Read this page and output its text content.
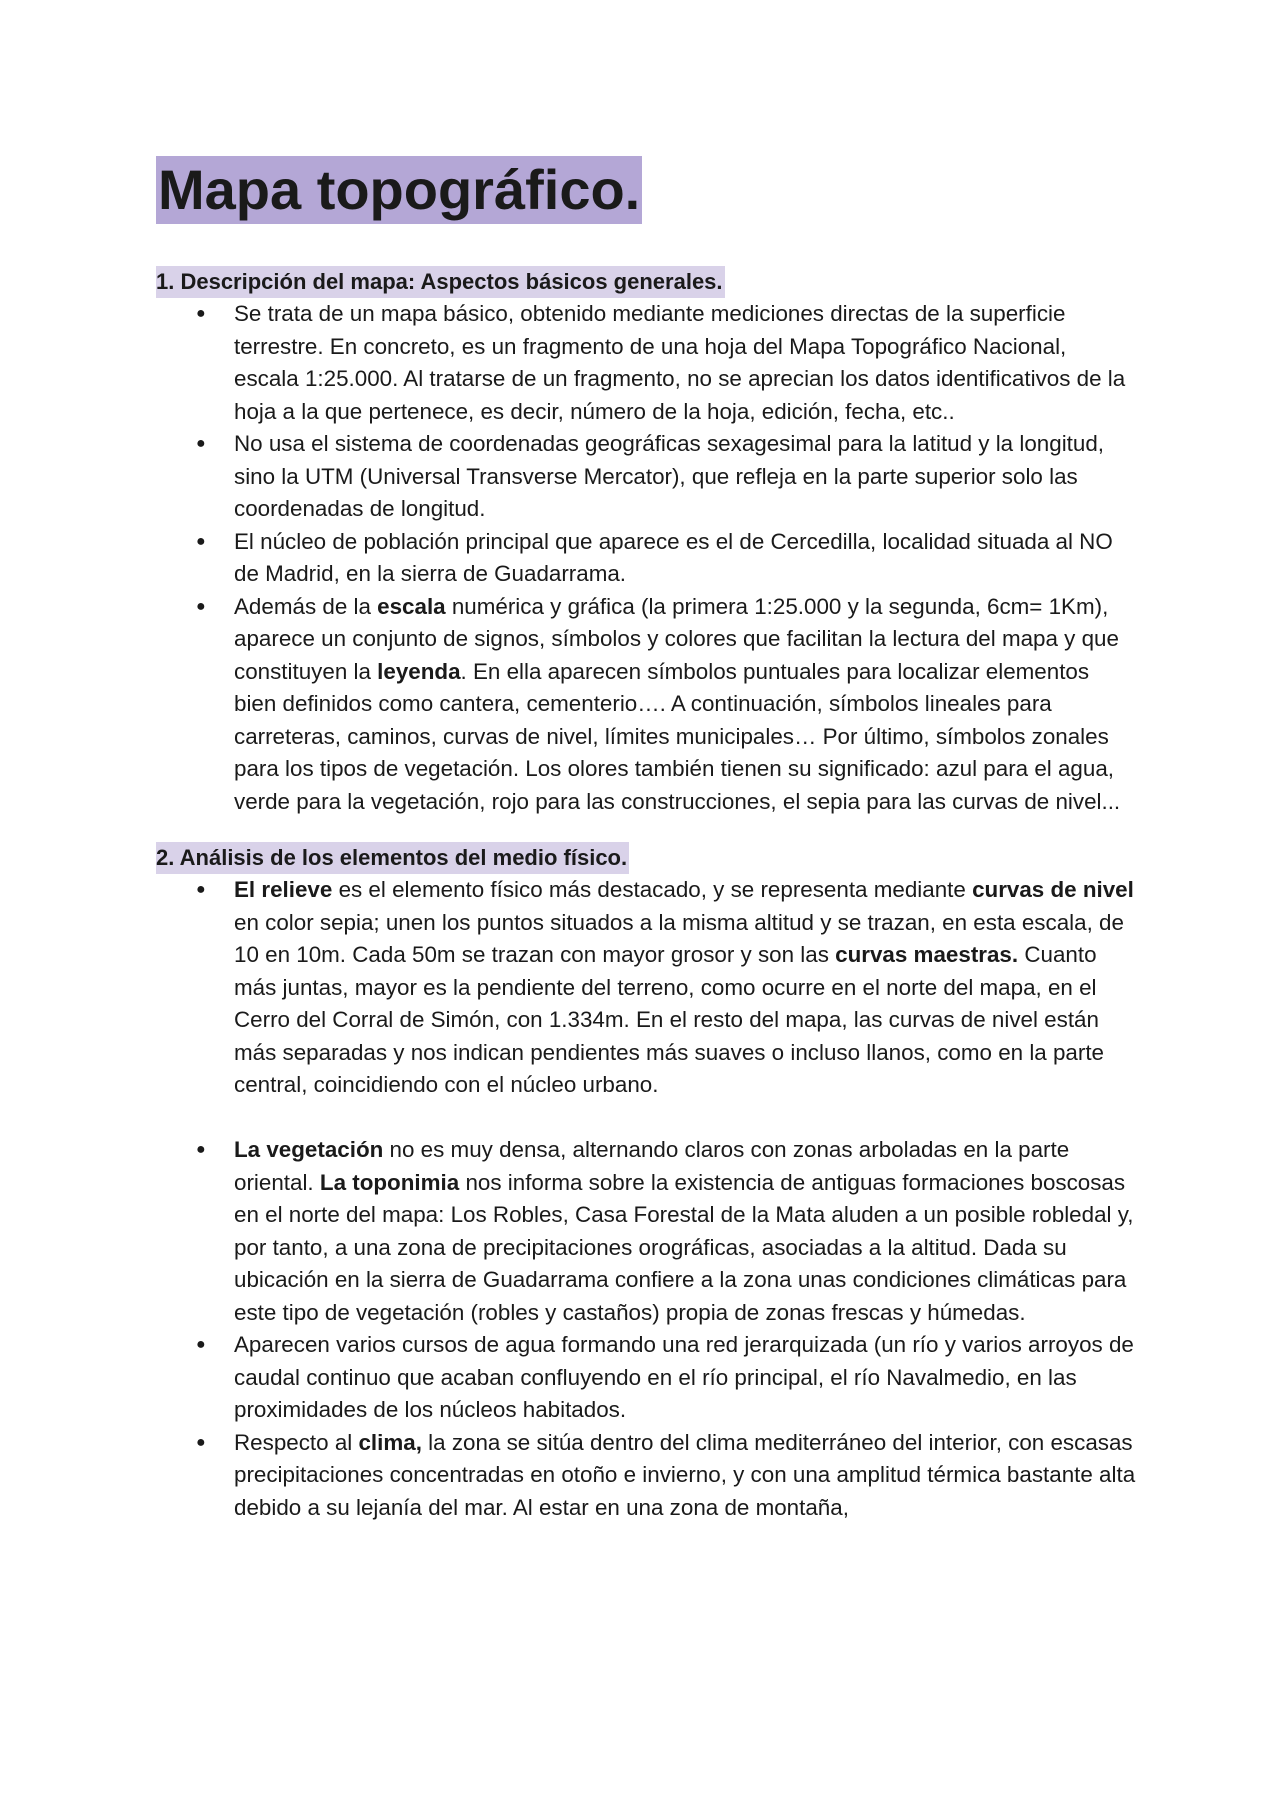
Mapa topográfico.
1. Descripción del mapa: Aspectos básicos generales.
● Se trata de un mapa básico, obtenido mediante mediciones directas de la superficie terrestre. En concreto, es un fragmento de una hoja del Mapa Topográfico Nacional, escala 1:25.000. Al tratarse de un fragmento, no se aprecian los datos identificativos de la hoja a la que pertenece, es decir, número de la hoja, edición, fecha, etc..
● No usa el sistema de coordenadas geográficas sexagesimal para la latitud y la longitud, sino la UTM (Universal Transverse Mercator), que refleja en la parte superior solo las coordenadas de longitud.
● El núcleo de población principal que aparece es el de Cercedilla, localidad situada al NO de Madrid, en la sierra de Guadarrama.
● Además de la escala numérica y gráfica (la primera 1:25.000 y la segunda, 6cm= 1Km), aparece un conjunto de signos, símbolos y colores que facilitan la lectura del mapa y que constituyen la leyenda. En ella aparecen símbolos puntuales para localizar elementos bien definidos como cantera, cementerio…. A continuación, símbolos lineales para carreteras, caminos, curvas de nivel, límites municipales… Por último, símbolos zonales para los tipos de vegetación. Los olores también tienen su significado: azul para el agua, verde para la vegetación, rojo para las construcciones, el sepia para las curvas de nivel...
2. Análisis de los elementos del medio físico.
● El relieve es el elemento físico más destacado, y se representa mediante curvas de nivel en color sepia; unen los puntos situados a la misma altitud y se trazan, en esta escala, de 10 en 10m. Cada 50m se trazan con mayor grosor y son las curvas maestras. Cuanto más juntas, mayor es la pendiente del terreno, como ocurre en el norte del mapa, en el Cerro del Corral de Simón, con 1.334m. En el resto del mapa, las curvas de nivel están más separadas y nos indican pendientes más suaves o incluso llanos, como en la parte central, coincidiendo con el núcleo urbano.
● La vegetación no es muy densa, alternando claros con zonas arboladas en la parte oriental. La toponimia nos informa sobre la existencia de antiguas formaciones boscosas en el norte del mapa: Los Robles, Casa Forestal de la Mata aluden a un posible robledal y, por tanto, a una zona de precipitaciones orográficas, asociadas a la altitud. Dada su ubicación en la sierra de Guadarrama confiere a la zona unas condiciones climáticas para este tipo de vegetación (robles y castaños) propia de zonas frescas y húmedas.
● Aparecen varios cursos de agua formando una red jerarquizada (un río y varios arroyos de caudal continuo que acaban confluyendo en el río principal, el río Navalmedio, en las proximidades de los núcleos habitados.
● Respecto al clima, la zona se sitúa dentro del clima mediterráneo del interior, con escasas precipitaciones concentradas en otoño e invierno, y con una amplitud térmica bastante alta debido a su lejanía del mar. Al estar en una zona de montaña,
